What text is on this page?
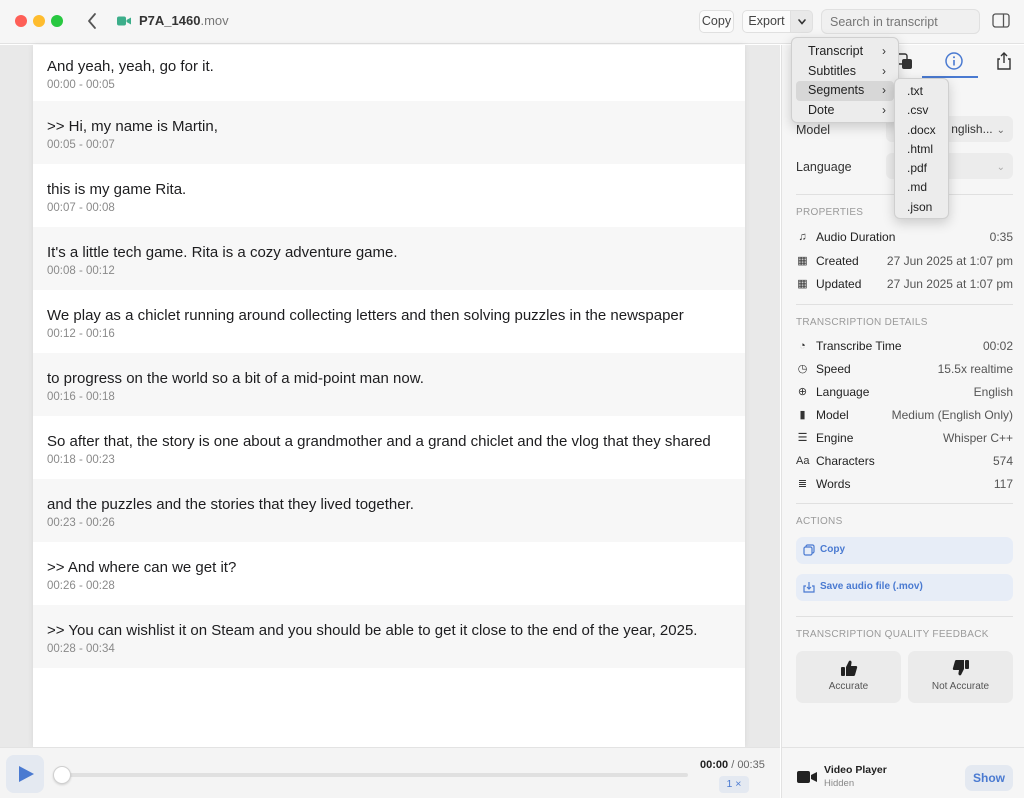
P7A_1460.mov	Copy	Export
Search in transcript
And yeah, yeah, go for it.
00:00 - 00:05
>> Hi, my name is Martin,
00:05 - 00:07
this is my game Rita.
00:07 - 00:08
It's a little tech game. Rita is a cozy adventure game.
00:08 - 00:12
We play as a chiclet running around collecting letters and then solving puzzles in the newspaper
00:12 - 00:16
to progress on the world so a bit of a mid-point man now.
00:16 - 00:18
So after that, the story is one about a grandmother and a grand chiclet and the vlog that they shared
00:18 - 00:23
and the puzzles and the stories that they lived together.
00:23 - 00:26
>> And where can we get it?
00:26 - 00:28
>> You can wishlist it on Steam and you should be able to get it close to the end of the year, 2025.
00:28 - 00:34
00:00 / 00:35
1 ×
Model	nglish... ⌄
Language	⌄
PROPERTIES
♫ Audio Duration	0:35
▦ Created 27 Jun 2025 at 1:07 pm
▦ Updated 27 Jun 2025 at 1:07 pm
TRANSCRIPTION DETAILS
◔ Transcribe Time	00:02
◷ Speed	15.5x realtime
⊕ Language	English
▮ Model	Medium (English Only)
☰ Engine	Whisper C++
Aa Characters	574
≣ Words	117
ACTIONS
Copy
Save audio file (.mov)
TRANSCRIPTION QUALITY FEEDBACK
Accurate	Not Accurate
Video Player
Hidden	Show
Transcript ›
Subtitles ›
Segments ›
Dote	›
.txt
.csv
.docx
.html
.pdf
.md
.json
